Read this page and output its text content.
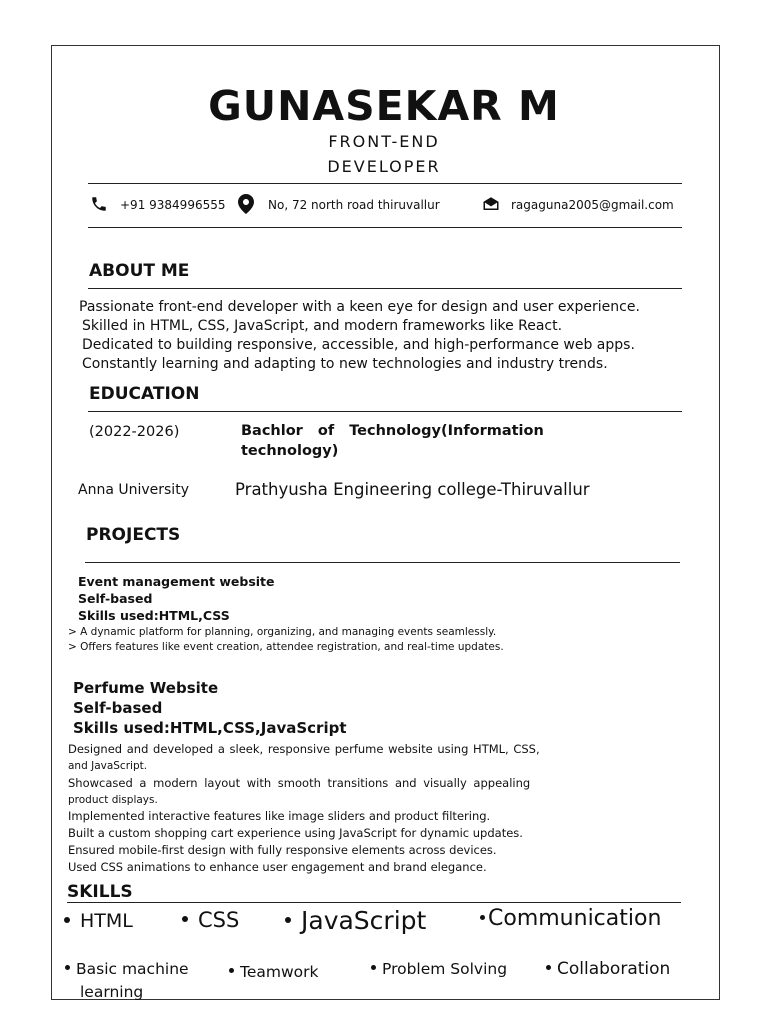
GUNASEKAR M
FRONT-END
DEVELOPER
+91 9384996555	No, 72 north road thiruvallur	ragaguna2005@gmail.com
ABOUT ME
Passionate front-end developer with a keen eye for design and user experience.
Skilled in HTML, CSS, JavaScript, and modern frameworks like React.
Dedicated to building responsive, accessible, and high-performance web apps.
Constantly learning and adapting to new technologies and industry trends.
EDUCATION
(2022-2026)	Bachlor of Technology(Information
technology)
Anna University	Prathyusha Engineering college-Thiruvallur
PROJECTS
Event management website
Self-based
Skills used:HTML,CSS
> A dynamic platform for planning, organizing, and managing events seamlessly.
> Offers features like event creation, attendee registration, and real-time updates.
Perfume Website
Self-based
Skills used:HTML,CSS,JavaScript
Designed and developed a sleek, responsive perfume website using HTML, CSS,
and JavaScript.
Showcased a modern layout with smooth transitions and visually appealing
product displays.
Implemented interactive features like image sliders and product filtering.
Built a custom shopping cart experience using JavaScript for dynamic updates.
Ensured mobile-first design with fully responsive elements across devices.
Used CSS animations to enhance user engagement and brand elegance.
SKILLS
HTML	CSS	JavaScript	Communication
Basic machine
learning
Teamwork	Problem Solving	Collaboration
